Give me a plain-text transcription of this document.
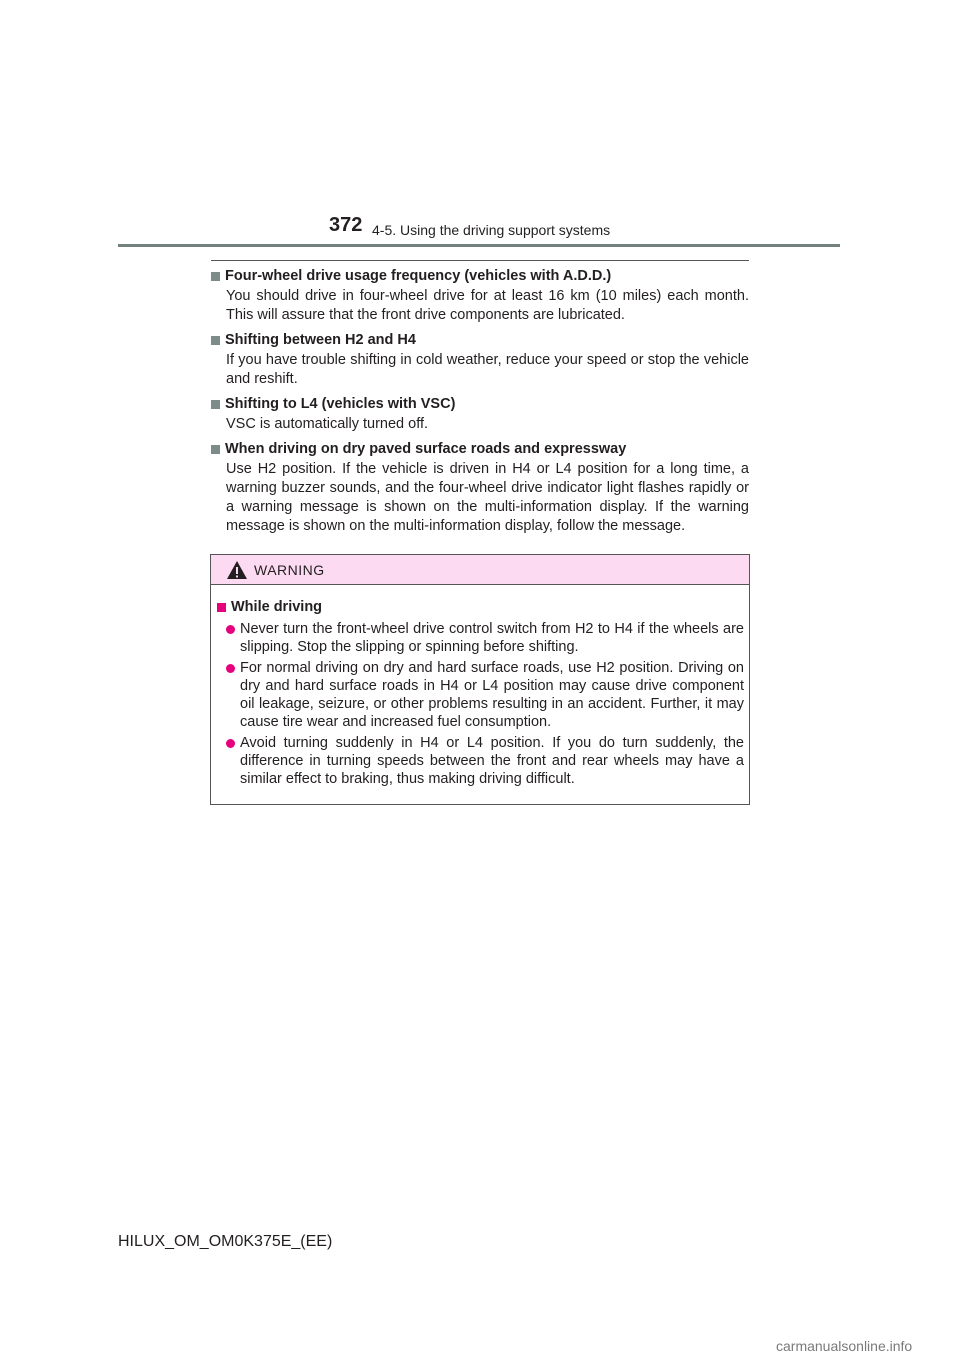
372 4-5. Using the driving support systems
Four-wheel drive usage frequency (vehicles with A.D.D.)
You should drive in four-wheel drive for at least 16 km (10 miles) each month. This will assure that the front drive components are lubricated.
Shifting between H2 and H4
If you have trouble shifting in cold weather, reduce your speed or stop the vehicle and reshift.
Shifting to L4 (vehicles with VSC)
VSC is automatically turned off.
When driving on dry paved surface roads and expressway
Use H2 position. If the vehicle is driven in H4 or L4 position for a long time, a warning buzzer sounds, and the four-wheel drive indicator light flashes rapidly or a warning message is shown on the multi-information display. If the warning message is shown on the multi-information display, follow the message.
WARNING
While driving
Never turn the front-wheel drive control switch from H2 to H4 if the wheels are slipping. Stop the slipping or spinning before shifting.
For normal driving on dry and hard surface roads, use H2 position. Driving on dry and hard surface roads in H4 or L4 position may cause drive component oil leakage, seizure, or other problems resulting in an accident. Further, it may cause tire wear and increased fuel consumption.
Avoid turning suddenly in H4 or L4 position. If you do turn suddenly, the difference in turning speeds between the front and rear wheels may have a similar effect to braking, thus making driving difficult.
HILUX_OM_OM0K375E_(EE)
carmanualsonline.info
